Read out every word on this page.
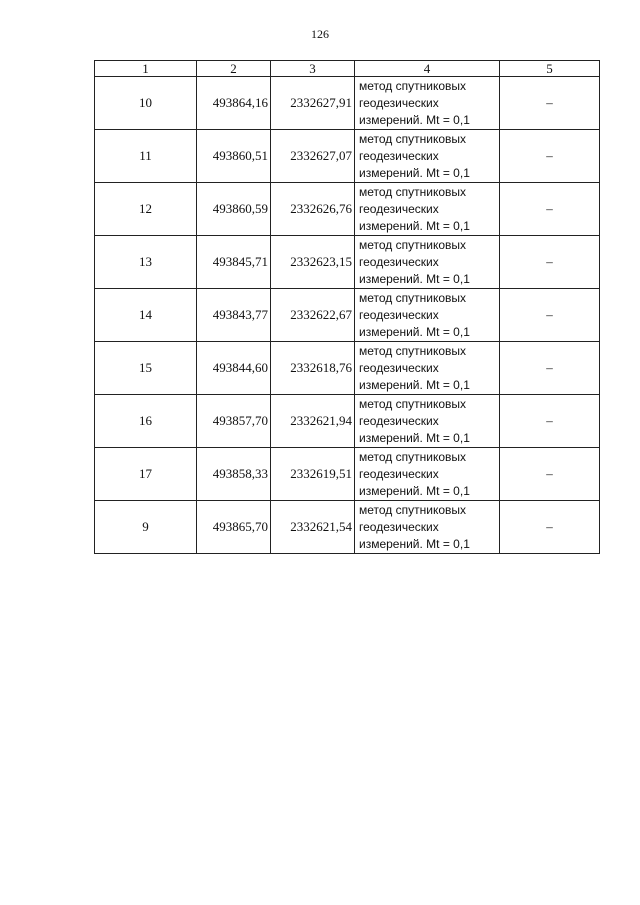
126
1	2	3	4	5
10	493864,16	2332627,91	метод спутниковых
геодезических
измерений. Mt = 0,1	–
11	493860,51	2332627,07	метод спутниковых
геодезических
измерений. Mt = 0,1	–
12	493860,59	2332626,76	метод спутниковых
геодезических
измерений. Mt = 0,1	–
13	493845,71	2332623,15	метод спутниковых
геодезических
измерений. Mt = 0,1	–
14	493843,77	2332622,67	метод спутниковых
геодезических
измерений. Mt = 0,1	–
15	493844,60	2332618,76	метод спутниковых
геодезических
измерений. Mt = 0,1	–
16	493857,70	2332621,94	метод спутниковых
геодезических
измерений. Mt = 0,1	–
17	493858,33	2332619,51	метод спутниковых
геодезических
измерений. Mt = 0,1	–
9	493865,70	2332621,54	метод спутниковых
геодезических
измерений. Mt = 0,1	–
